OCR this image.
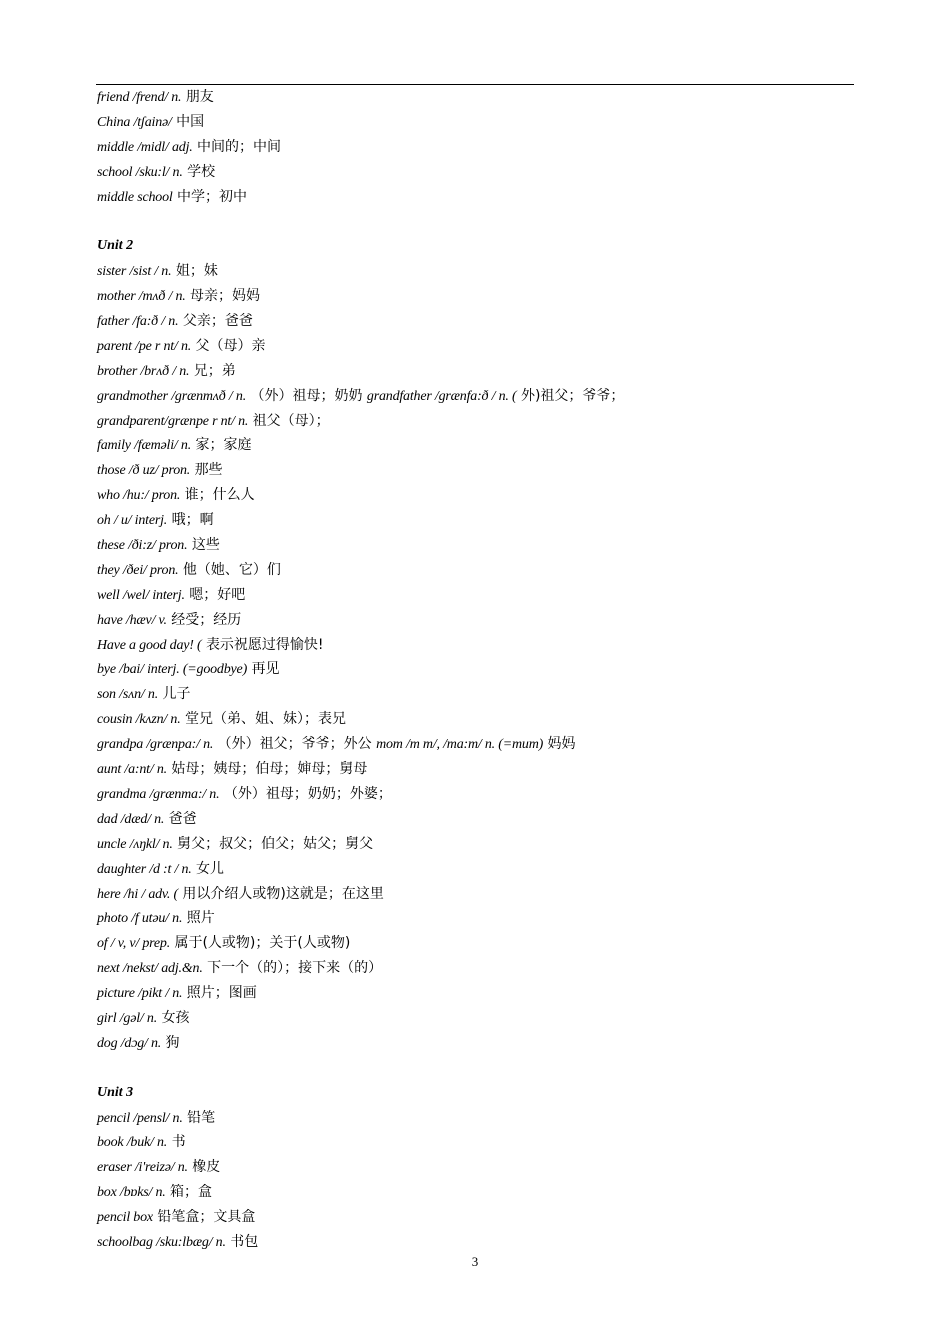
friend /frend/ n. 朋友
China /tʃainə/ 中国
middle /midl/ adj. 中间的；中间
school /sku:l/ n. 学校
middle school 中学；初中
Unit 2
sister /sist / n. 姐；妹
mother /mʌð / n. 母亲；妈妈
father /fa:ð / n. 父亲；爸爸
parent /pe r nt/ n. 父（母）亲
brother /brʌð / n. 兄；弟
grandmother /grænmʌð / n. （外）祖母；奶奶 grandfather /grænfa:ð / n. ( 外)祖父；爷爷；
grandparent/grænpe r nt/ n. 祖父（母）；
family /fæməli/ n. 家；家庭
those /ð uz/ pron. 那些
who /hu:/ pron. 谁；什么人
oh / u/ interj. 哦；啊
these /ði:z/ pron. 这些
they /ðei/ pron. 他（她、它）们
well /wel/ interj. 嗯；好吧
have /hæv/ v. 经受；经历
Have a good day! ( 表示祝愿过得愉快!
bye /bai/ interj. (=goodbye) 再见
son /sʌn/ n. 儿子
cousin /kʌzn/ n. 堂兄（弟、姐、妹）；表兄
grandpa /grænpa:/ n. （外）祖父；爷爷；外公 mom /m m/, /ma:m/ n. (=mum) 妈妈
aunt /a:nt/ n. 姑母；姨母；伯母；婶母；舅母
grandma /grænma:/ n. （外）祖母；奶奶；外婆；
dad /dæd/ n. 爸爸
uncle /ʌŋkl/ n. 舅父；叔父；伯父；姑父；舅父
daughter /d :t / n. 女儿
here /hi / adv. ( 用以介绍人或物)这就是；在这里
photo /f utəu/ n. 照片
of / v, v/ prep. 属于(人或物)；关于(人或物)
next /nekst/ adj.&n. 下一个（的）；接下来（的）
picture /pikt / n. 照片；图画
girl /gəl/ n. 女孩
dog /dɔg/ n. 狗
Unit 3
pencil /pensl/ n. 铅笔
book /buk/ n. 书
eraser /i'reizə/ n. 橡皮
box /bɒks/ n. 箱；盒
pencil box 铅笔盒；文具盒
schoolbag /sku:lbæg/ n. 书包
3
